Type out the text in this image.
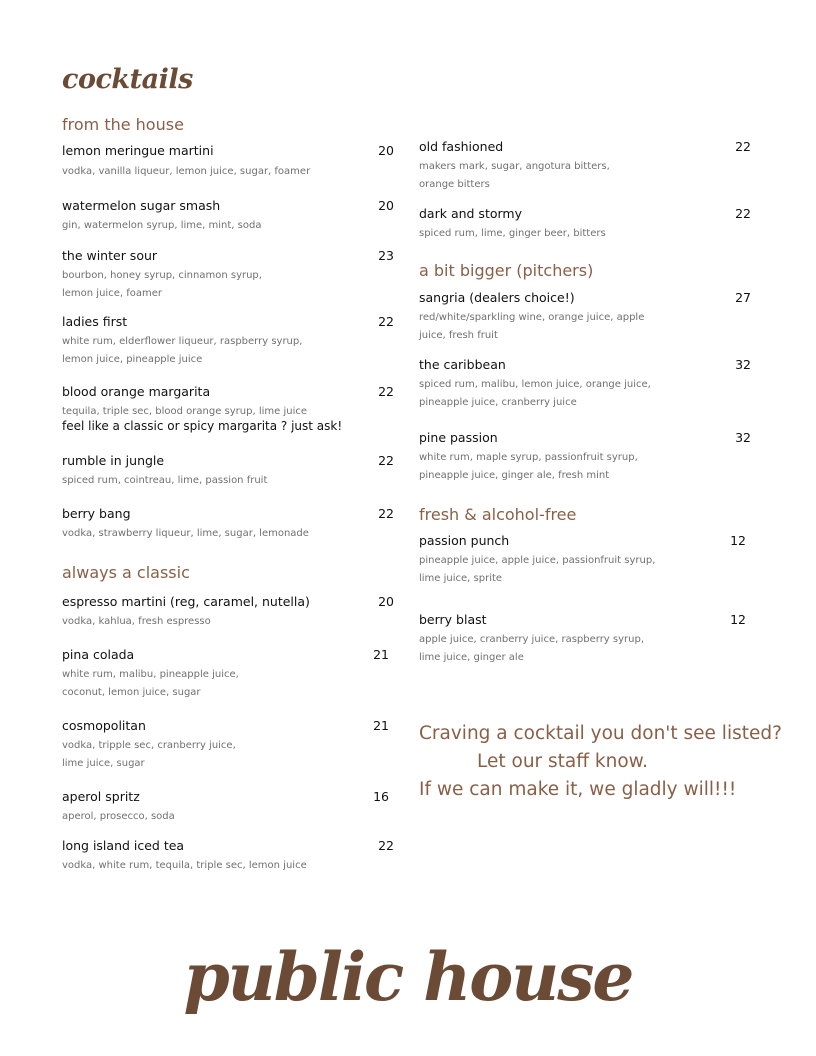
cocktails
from the house
lemon meringue martini	20
vodka, vanilla liqueur, lemon juice, sugar, foamer
watermelon sugar smash	20
gin, watermelon syrup, lime, mint, soda
the winter sour	23
bourbon, honey syrup, cinnamon syrup,
lemon juice, foamer
ladies first	22
white rum, elderflower liqueur, raspberry syrup,
lemon juice, pineapple juice
blood orange margarita	22
tequila, triple sec, blood orange syrup, lime juice
feel like a classic or spicy margarita ? just ask!
rumble in jungle	22
spiced rum, cointreau, lime, passion fruit
berry bang	22
vodka, strawberry liqueur, lime, sugar, lemonade
always a classic
espresso martini (reg, caramel, nutella)	20
vodka, kahlua, fresh espresso
pina colada	21
white rum, malibu, pineapple juice,
coconut, lemon juice, sugar
cosmopolitan	21
vodka, tripple sec, cranberry juice,
lime juice, sugar
aperol spritz	16
aperol, prosecco, soda
long island iced tea	22
vodka, white rum, tequila, triple sec, lemon juice
old fashioned	22
makers mark, sugar, angotura bitters,
orange bitters
dark and stormy	22
spiced rum, lime, ginger beer, bitters
a bit bigger (pitchers)
sangria (dealers choice!)	27
red/white/sparkling wine, orange juice, apple
juice, fresh fruit
the caribbean	32
spiced rum, malibu, lemon juice, orange juice,
pineapple juice, cranberry juice
pine passion	32
white rum, maple syrup, passionfruit syrup,
pineapple juice, ginger ale, fresh mint
fresh & alcohol-free
passion punch	12
pineapple juice, apple juice, passionfruit syrup,
lime juice, sprite
berry blast	12
apple juice, cranberry juice, raspberry syrup,
lime juice, ginger ale
Craving a cocktail you don't see listed?
Let our staff know.
If we can make it, we gladly will!!!
public house
